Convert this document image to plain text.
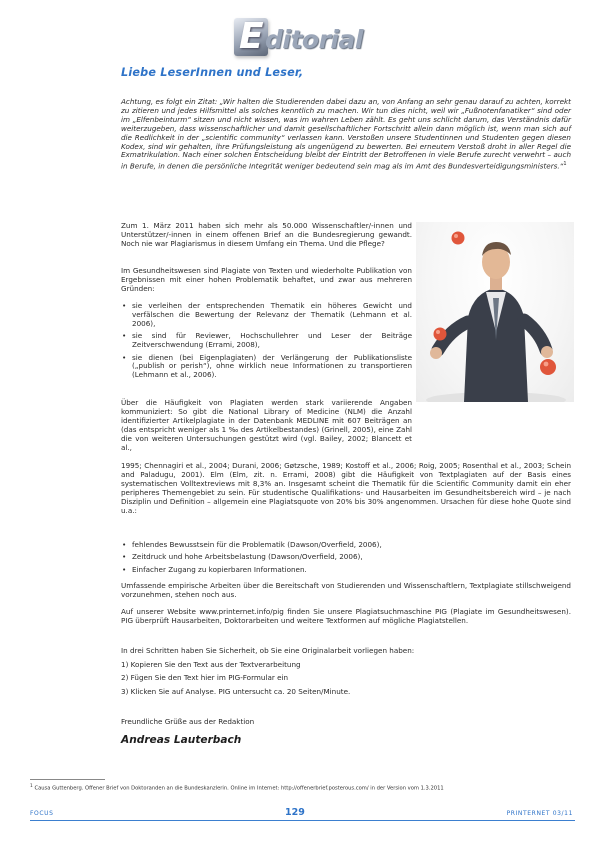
E ditorial
Liebe LeserInnen und Leser,

Achtung, es folgt ein Zitat: „Wir halten die Studierenden dabei dazu an, von Anfang an sehr genau darauf zu achten, korrekt zu zitieren und jedes Hilfsmittel als solches kenntlich zu machen. Wir tun dies nicht, weil wir „Fußnotenfanatiker“ sind oder im „Elfenbeinturm“ sitzen und nicht wissen, was im wahren Leben zählt. Es geht uns schlicht darum, das Verständnis dafür weiterzugeben, dass wissenschaftlicher und damit gesellschaftlicher Fortschritt allein dann möglich ist, wenn man sich auf die Redlichkeit in der „scientific community“ verlassen kann. Verstoßen unsere Studentinnen und Studenten gegen diesen Kodex, sind wir gehalten, ihre Prüfungsleistung als ungenügend zu bewerten. Bei erneutem Verstoß droht in aller Regel die Exmatrikulation. Nach einer solchen Entscheidung bleibt der Eintritt der Betroffenen in viele Berufe zurecht verwehrt – auch in Berufe, in denen die persönliche Integrität weniger bedeutend sein mag als im Amt des Bundesverteidigungsministers.“$^1$

Zum 1. März 2011 haben sich mehr als 50.000 Wissenschaftler/-innen und Unterstützer/-innen in einem offenen Brief an die Bundesregierung gewandt. Noch nie war Plagiarismus in diesem Umfang ein Thema. Und die Pflege?

Im Gesundheitswesen sind Plagiate von Texten und wiederholte Publikation von Ergebnissen mit einer hohen Problematik behaftet, und zwar aus mehreren Gründen:

• sie verleihen der entsprechenden Thematik ein höheres Gewicht und verfälschen die Bewertung der Relevanz der Thematik (Lehmann et al. 2006),
• sie sind für Reviewer, Hochschullehrer und Leser der Beiträge Zeitverschwendung (Errami, 2008),
• sie dienen (bei Eigenplagiaten) der Verlängerung der Publikationsliste („publish or perish“), ohne wirklich neue Informationen zu transportieren (Lehmann et al., 2006).

Über die Häufigkeit von Plagiaten werden stark variierende Angaben kommuniziert: So gibt die National Library of Medicine (NLM) die Anzahl identifizierter Artikelplagiate in der Datenbank MEDLINE mit 607 Beiträgen an (das entspricht weniger als 1 ‰ des Artikelbestandes) (Grinell, 2005), eine Zahl die von weiteren Untersuchungen gestützt wird (vgl. Bailey, 2002; Blancett et al.,

1995; Chennagiri et al., 2004; Durani, 2006; Gøtzsche, 1989; Kostoff et al., 2006; Roig, 2005; Rosenthal et al., 2003; Schein and Paladugu, 2001). Elm (Elm, zit. n. Errami, 2008) gibt die Häufigkeit von Textplagiaten auf der Basis eines systematischen Volltextreviews mit 8,3% an. Insgesamt scheint die Thematik für die Scientific Community damit ein eher peripheres Themengebiet zu sein. Für studentische Qualifikations- und Hausarbeiten im Gesundheitsbereich wird – je nach Disziplin und Definition – allgemein eine Plagiatsquote von 20% bis 30% angenommen. Ursachen für diese hohe Quote sind u.a.:

• fehlendes Bewusstsein für die Problematik (Dawson/Overfield, 2006),
• Zeitdruck und hohe Arbeitsbelastung (Dawson/Overfield, 2006),
• Einfacher Zugang zu kopierbaren Informationen.

Umfassende empirische Arbeiten über die Bereitschaft von Studierenden und Wissenschaftlern, Textplagiate stillschweigend vorzunehmen, stehen noch aus.

Auf unserer Website www.printernet.info/pig finden Sie unsere Plagiatsuchmaschine PIG (Plagiate im Gesundheitswesen). PIG überprüft Hausarbeiten, Doktorarbeiten und weitere Textformen auf mögliche Plagiatstellen.

In drei Schritten haben Sie Sicherheit, ob Sie eine Originalarbeit vorliegen haben:

1) Kopieren Sie den Text aus der Textverarbeitung
2) Fügen Sie den Text hier im PIG-Formular ein
3) Klicken Sie auf Analyse. PIG untersucht ca. 20 Seiten/Minute.

Freundliche Grüße aus der Redaktion

Andreas Lauterbach
$^1$ Causa Guttenberg. Offener Brief von Doktoranden an die Bundeskanzlerin. Online im Internet: http://offenerbrief.posterous.com/ in der Version vom 1.3.2011
FOCUS	129	PRINTERNET 03/11
